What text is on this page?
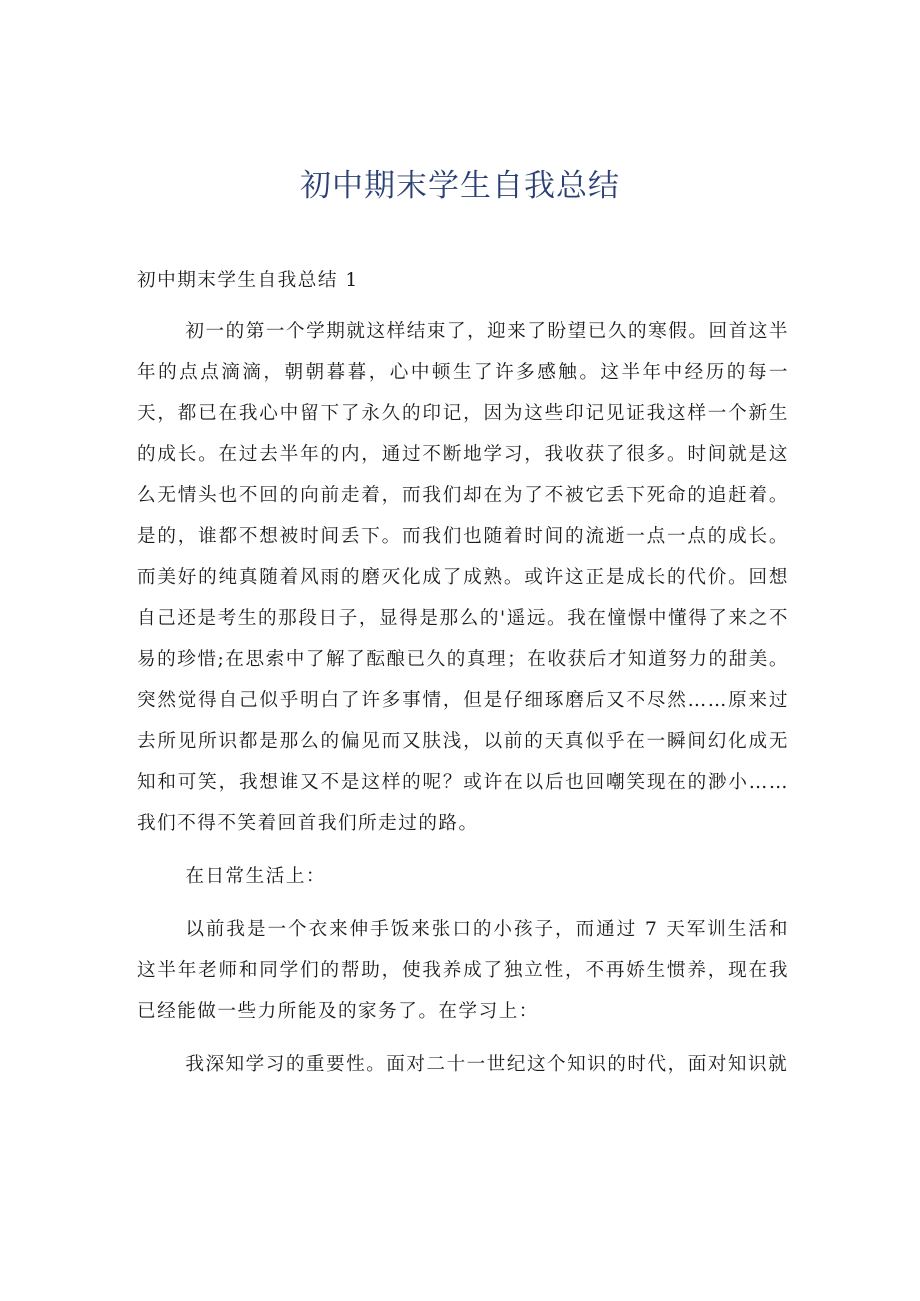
初中期末学生自我总结

初中期末学生自我总结 1

初一的第一个学期就这样结束了，迎来了盼望已久的寒假。回首这半年的点点滴滴，朝朝暮暮，心中顿生了许多感触。这半年中经历的每一天，都已在我心中留下了永久的印记，因为这些印记见证我这样一个新生的成长。在过去半年的内，通过不断地学习，我收获了很多。时间就是这么无情头也不回的向前走着，而我们却在为了不被它丢下死命的追赶着。是的，谁都不想被时间丢下。而我们也随着时间的流逝一点一点的成长。而美好的纯真随着风雨的磨灭化成了成熟。或许这正是成长的代价。回想自己还是考生的那段日子，显得是那么的'遥远。我在憧憬中懂得了来之不易的珍惜;在思索中了解了酝酿已久的真理；在收获后才知道努力的甜美。突然觉得自己似乎明白了许多事情，但是仔细琢磨后又不尽然……原来过去所见所识都是那么的偏见而又肤浅，以前的天真似乎在一瞬间幻化成无知和可笑，我想谁又不是这样的呢？或许在以后也回嘲笑现在的渺小……我们不得不笑着回首我们所走过的路。

在日常生活上：

以前我是一个衣来伸手饭来张口的小孩子，而通过 7 天军训生活和这半年老师和同学们的帮助，使我养成了独立性，不再娇生惯养，现在我已经能做一些力所能及的家务了。在学习上：

我深知学习的重要性。面对二十一世纪这个知识的时代，面对知识就
